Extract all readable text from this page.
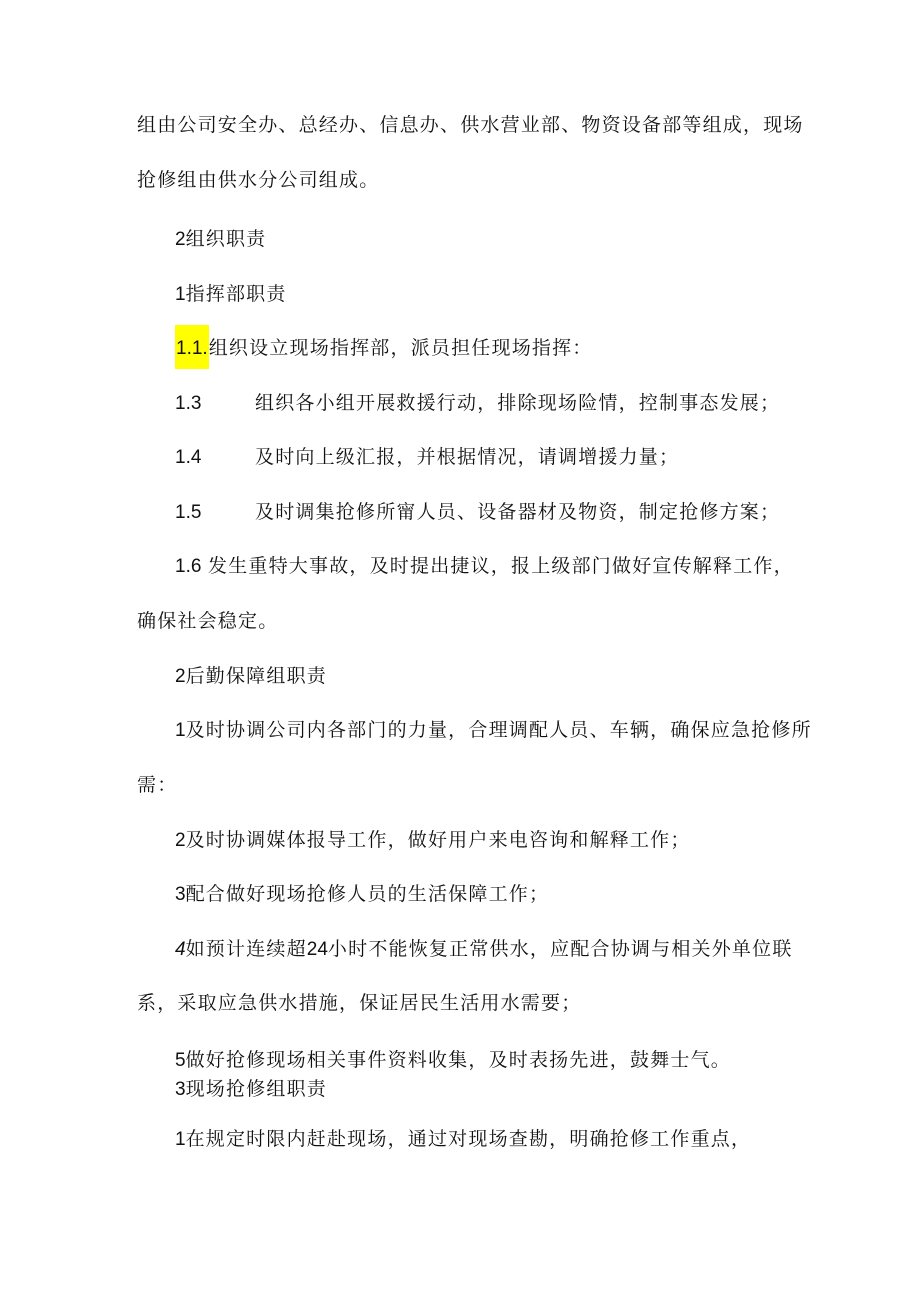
组由公司安全办、总经办、信息办、供水营业部、物资设备部等组成，现场
抢修组由供水分公司组成。
2组织职责
1指挥部职责
1.1.组织设立现场指挥部，派员担任现场指挥：
1.3	组织各小组开展救援行动，排除现场险情，控制事态发展；
1.4	及时向上级汇报，并根据情况，请调增援力量；
1.5	及时调集抢修所甯人员、设备器材及物资，制定抢修方案；
1.6 发生重特大事故，及时提出捷议，报上级部门做好宣传解释工作，
确保社会稳定。
2后勤保障组职责
1及时协调公司内各部门的力量，合理调配人员、车辆，确保应急抢修所
需：
2及时协调媒体报导工作，做好用户来电咨询和解释工作；
3配合做好现场抢修人员的生活保障工作；
4如预计连续超24小时不能恢复正常供水，应配合协调与相关外单位联
系，采取应急供水措施，保证居民生活用水需要；
5做好抢修现场相关事件资料收集，及时表扬先进，鼓舞士气。
3现场抢修组职责
1在规定时限内赶赴现场，通过对现场查勘，明确抢修工作重点，
